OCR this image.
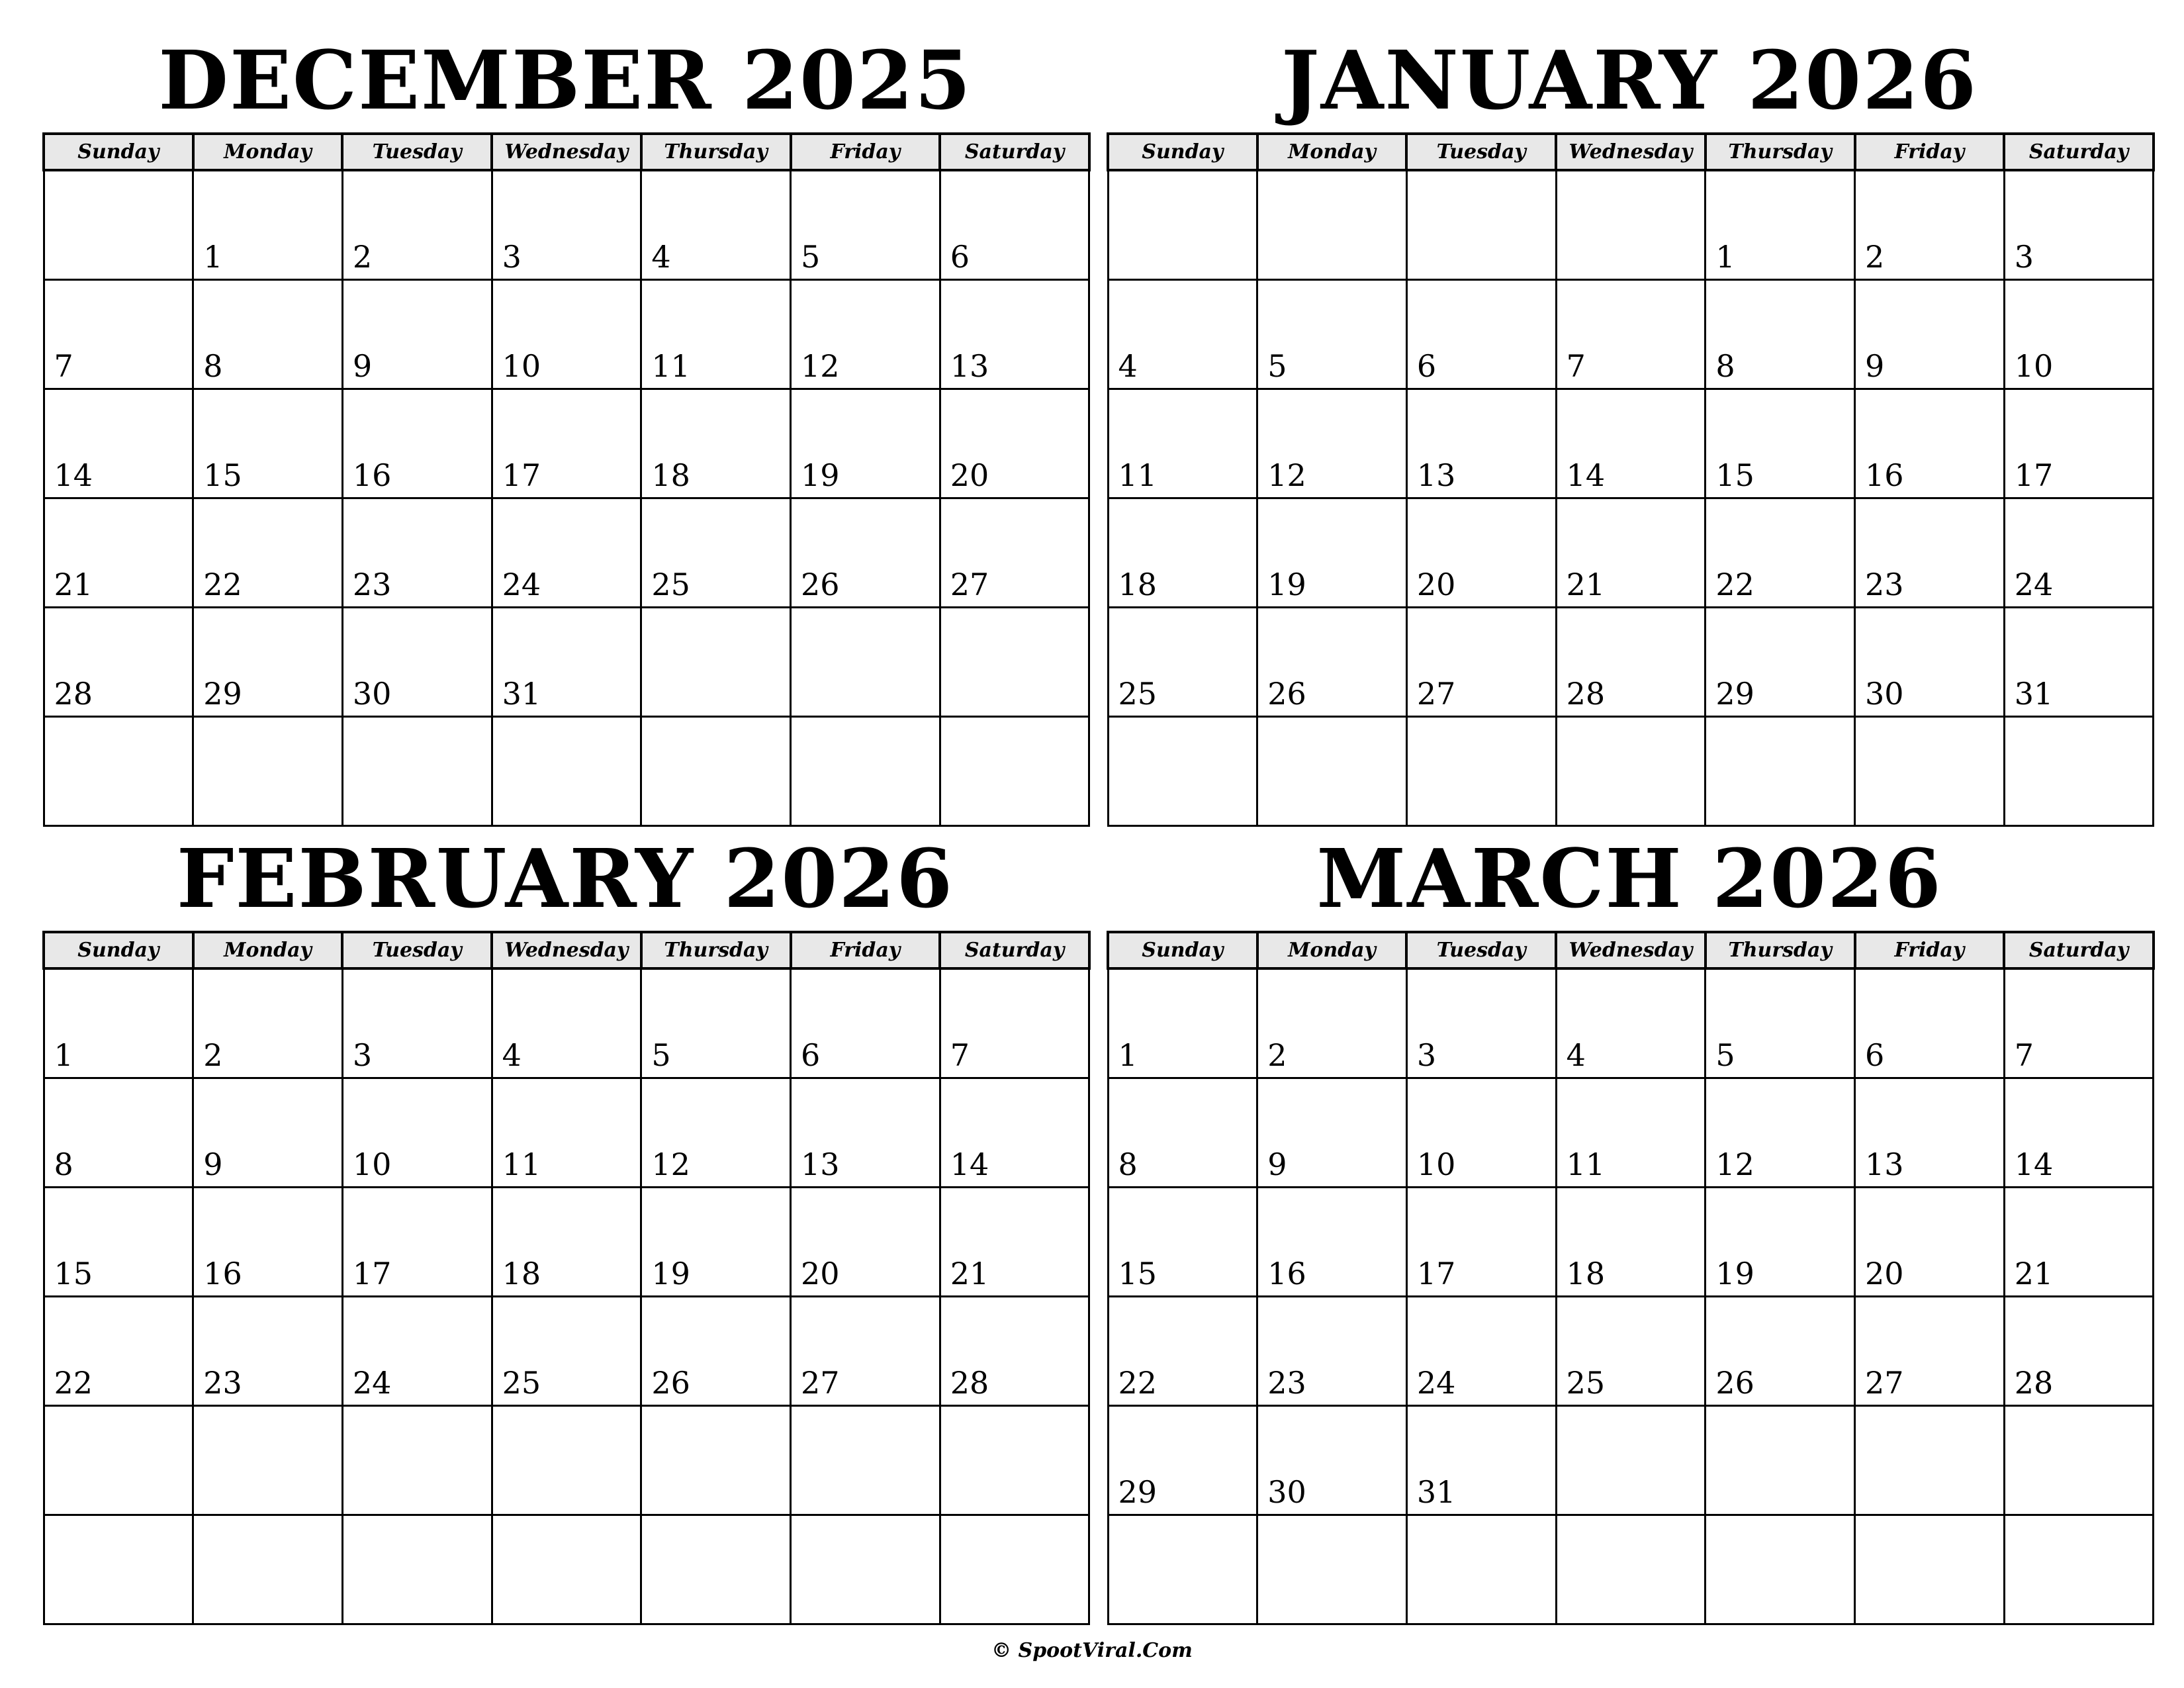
DECEMBER 2025
Sunday	Monday	Tuesday	Wednesday	Thursday	Friday	Saturday

	1	2	3	4	5	6

7	8	9	10	11	12	13

14	15	16	17	18	19	20

21	22	23	24	25	26	27

28	29	30	31			

JANUARY 2026
Sunday	Monday	Tuesday	Wednesday	Thursday	Friday	Saturday

				1	2	3

4	5	6	7	8	9	10

11	12	13	14	15	16	17

18	19	20	21	22	23	24

25	26	27	28	29	30	31

FEBRUARY 2026
Sunday	Monday	Tuesday	Wednesday	Thursday	Friday	Saturday

1	2	3	4	5	6	7

8	9	10	11	12	13	14

15	16	17	18	19	20	21

22	23	24	25	26	27	28

MARCH 2026
Sunday	Monday	Tuesday	Wednesday	Thursday	Friday	Saturday

1	2	3	4	5	6	7

8	9	10	11	12	13	14

15	16	17	18	19	20	21

22	23	24	25	26	27	28

29	30	31				

© SpootViral.Com
